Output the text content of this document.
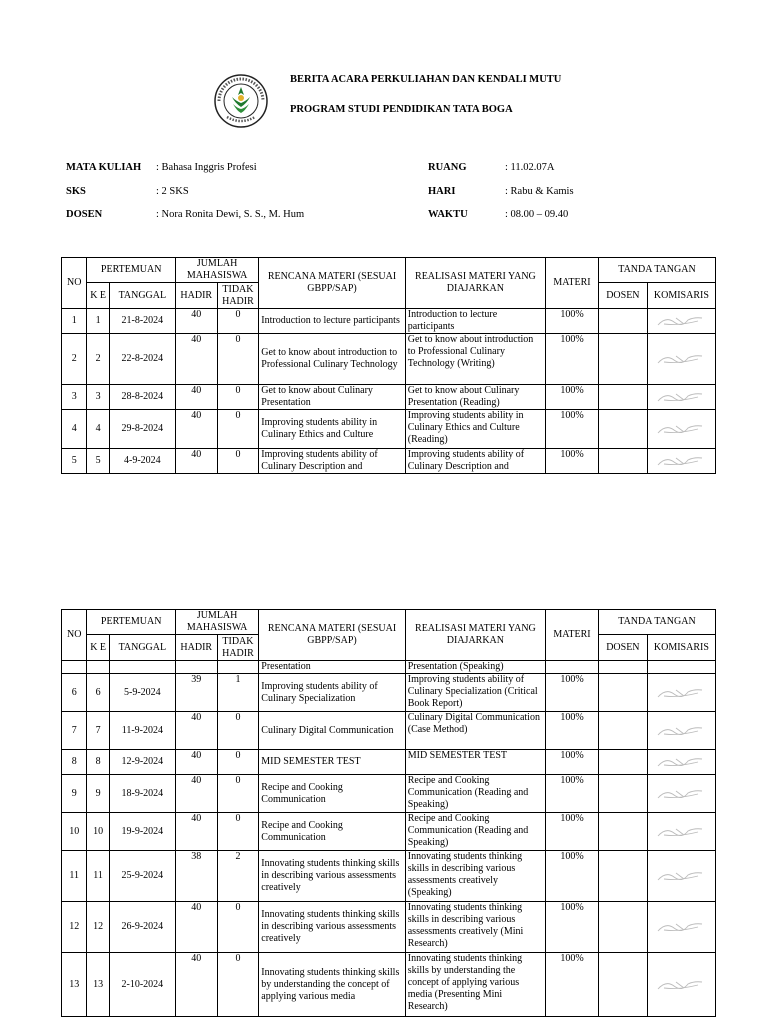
BERITA ACARA PERKULIAHAN DAN KENDALI MUTU
PROGRAM STUDI PENDIDIKAN TATA BOGA
MATA KULIAH : Bahasa Inggris Profesi
SKS	: 2 SKS
DOSEN	: Nora Ronita Dewi, S. S., M. Hum
RUANG	: 11.02.07A
HARI	: Rabu & Kamis
WAKTU	: 08.00 – 09.40
NO	PERTEMUAN		JUMLAH MAHASISWA		RENCANA MATERI (SESUAI GBPP/SAP)	REALISASI MATERI YANG DIAJARKAN	MATERI	TANDA TANGAN	
	K E	TANGGAL	HADIR	TIDAK HADIR				DOSEN	KOMISARIS
1	1	21-8-2024	40	0	Introduction to lecture participants	Introduction to lecture participants	100%		

2	2	22-8-2024	40	0	Get to know about introduction to Professional Culinary Technology	Get to know about introduction to Professional Culinary Technology (Writing)	100%		

3	3	28-8-2024	40	0	Get to know about Culinary Presentation	Get to know about Culinary Presentation (Reading)	100%		

4	4	29-8-2024	40	0	Improving students ability in Culinary Ethics and Culture	Improving students ability in Culinary Ethics and Culture (Reading)	100%		

5	5	4-9-2024	40	0	Improving students ability of Culinary Description and	Improving students ability of Culinary Description and	100%		
NO	PERTEMUAN		JUMLAH MAHASISWA		RENCANA MATERI (SESUAI GBPP/SAP)	REALISASI MATERI YANG DIAJARKAN	MATERI	TANDA TANGAN	
	K E	TANGGAL	HADIR	TIDAK HADIR				DOSEN	KOMISARIS
					Presentation	Presentation (Speaking)			
6	6	5-9-2024	39	1	Improving students ability of Culinary Specialization	Improving students ability of Culinary Specialization (Critical Book Report)	100%		

7	7	11-9-2024	40	0	Culinary Digital Communication	Culinary Digital Communication (Case Method)	100%		

8	8	12-9-2024	40	0	MID SEMESTER TEST	MID SEMESTER TEST	100%		

9	9	18-9-2024	40	0	Recipe and Cooking Communication	Recipe and Cooking Communication (Reading and Speaking)	100%		

10	10	19-9-2024	40	0	Recipe and Cooking Communication	Recipe and Cooking Communication (Reading and Speaking)	100%		

11	11	25-9-2024	38	2	Innovating students thinking skills in describing various assessments creatively	Innovating students thinking skills in describing various assessments creatively (Speaking)	100%		

12	12	26-9-2024	40	0	Innovating students thinking skills in describing various assessments creatively	Innovating students thinking skills in describing various assessments creatively (Mini Research)	100%		

13	13	2-10-2024	40	0	Innovating students thinking skills by understanding the concept of applying various media	Innovating students thinking skills by understanding the concept of applying various media (Presenting Mini Research)	100%		
